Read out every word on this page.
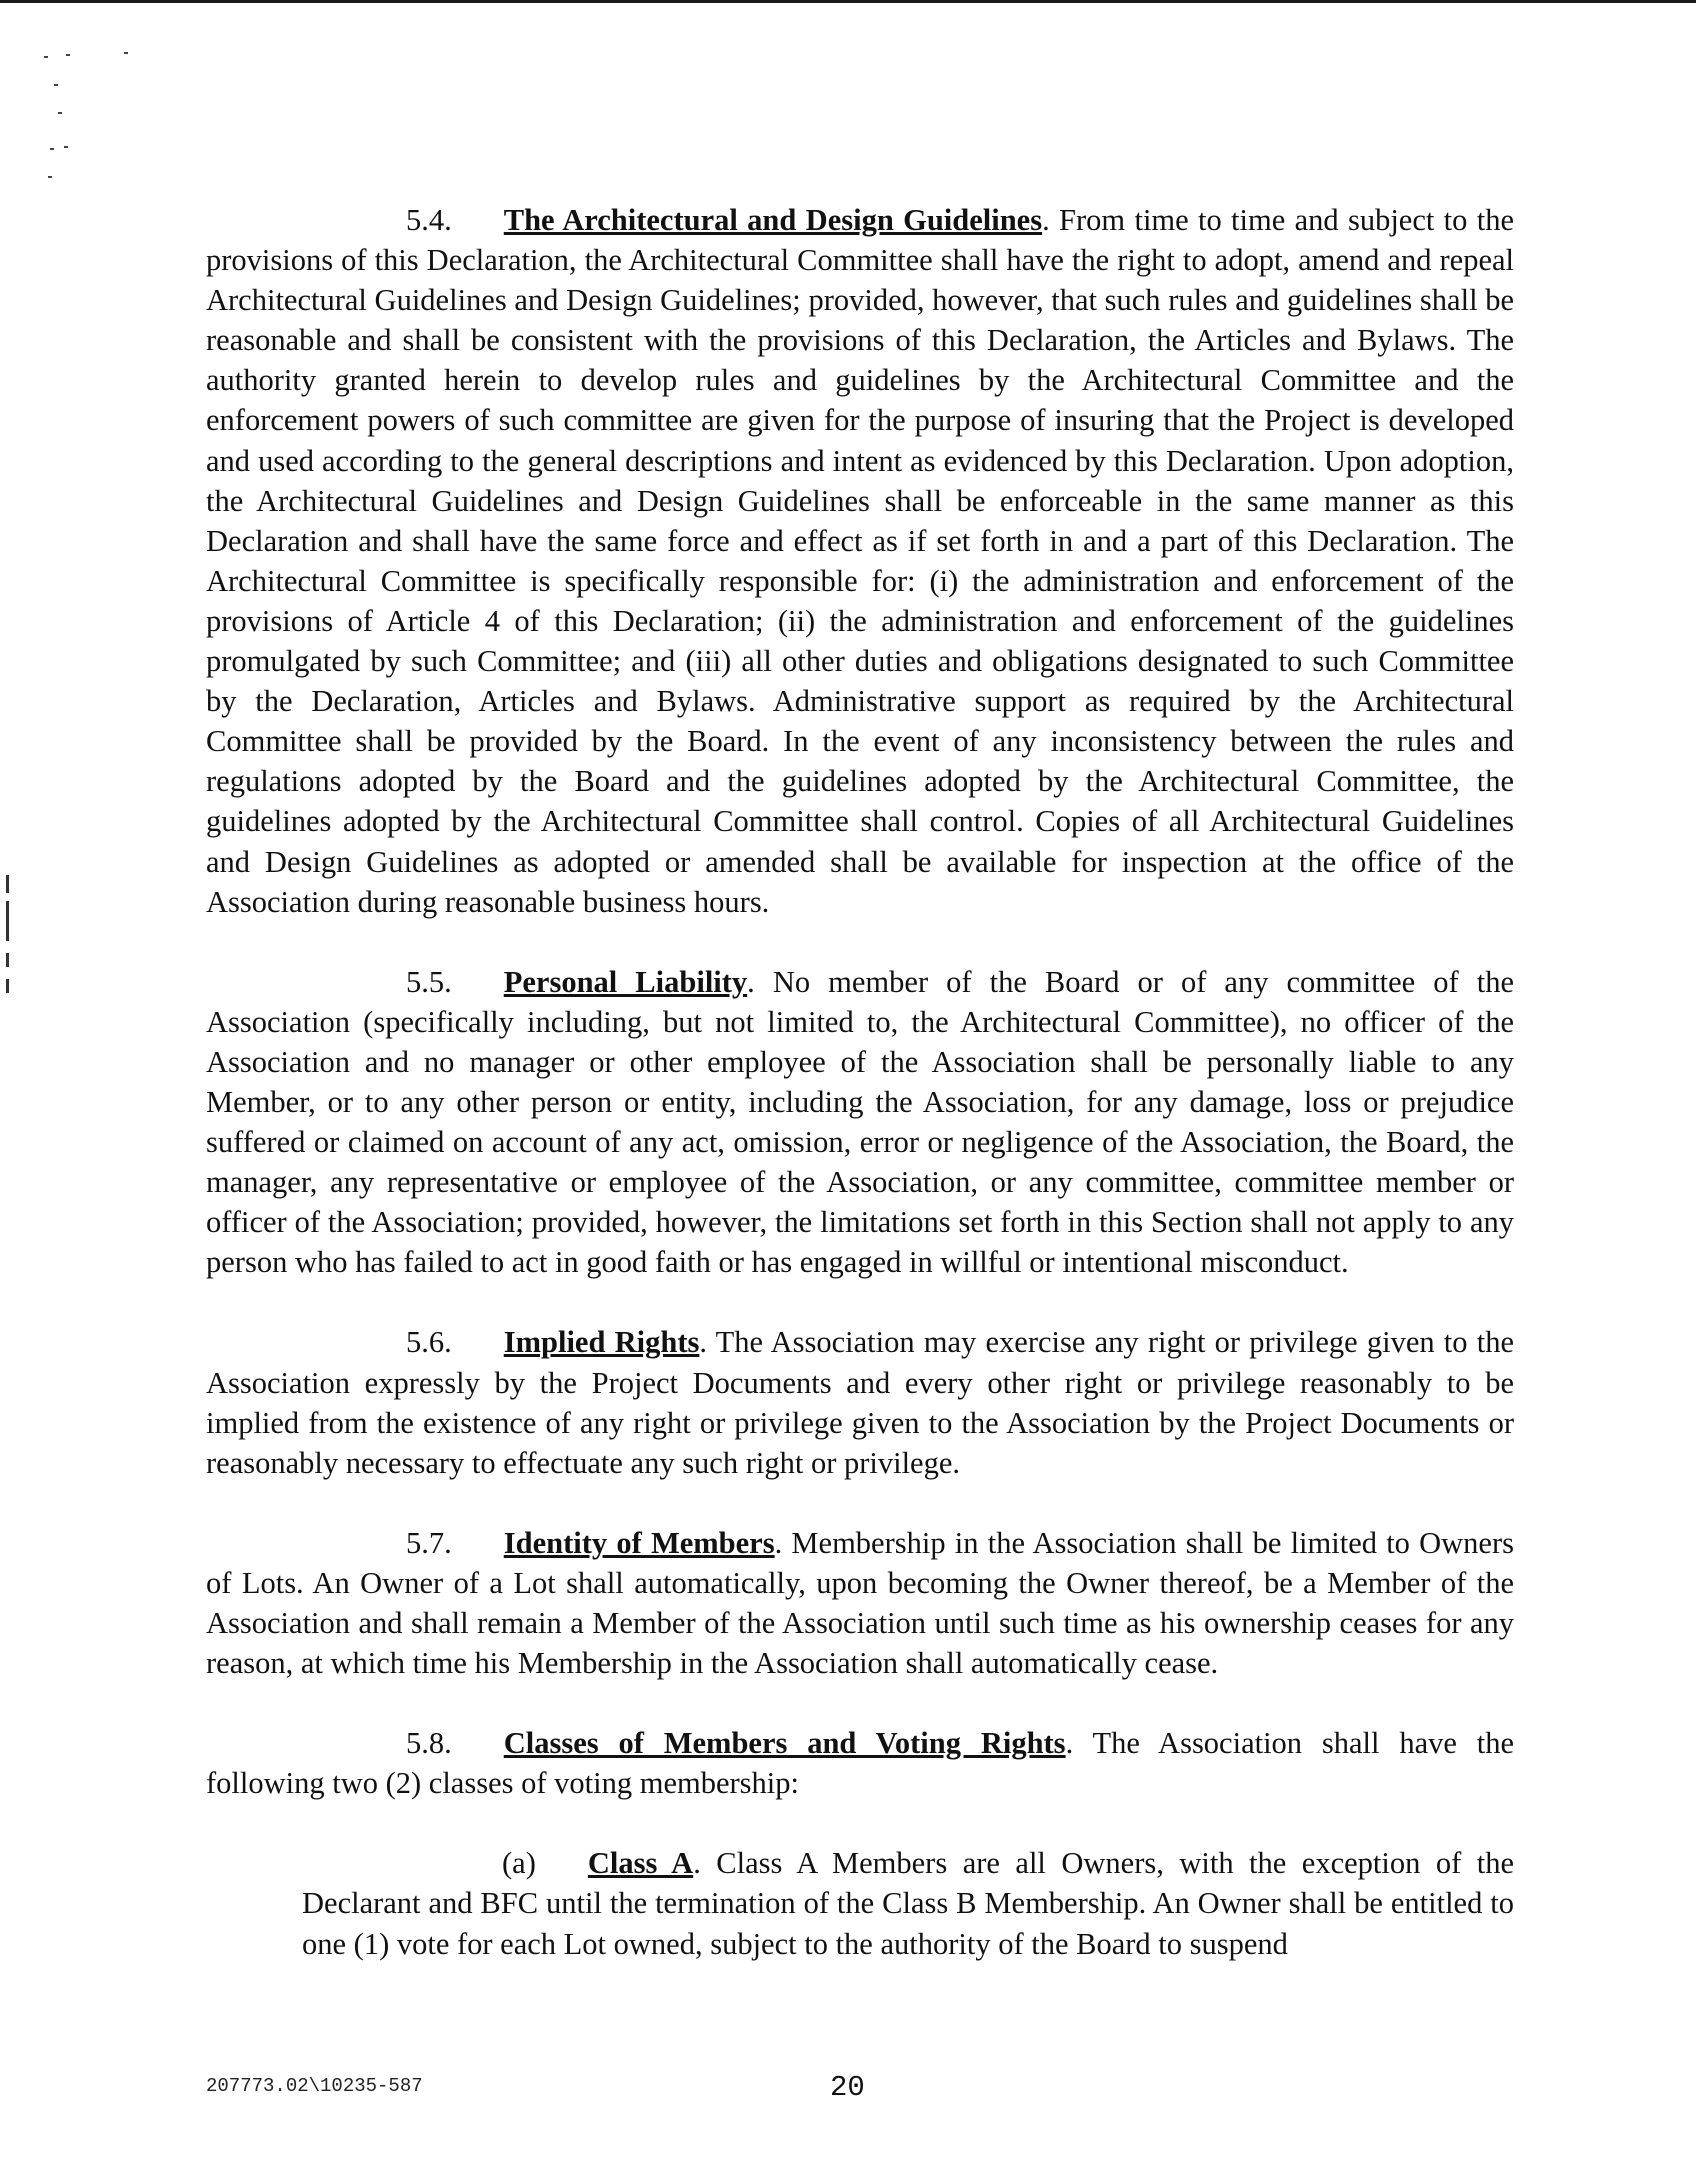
5.4. The Architectural and Design Guidelines. From time to time and subject to the provisions of this Declaration, the Architectural Committee shall have the right to adopt, amend and repeal Architectural Guidelines and Design Guidelines; provided, however, that such rules and guidelines shall be reasonable and shall be consistent with the provisions of this Declaration, the Articles and Bylaws. The authority granted herein to develop rules and guidelines by the Architectural Committee and the enforcement powers of such committee are given for the purpose of insuring that the Project is developed and used according to the general descriptions and intent as evidenced by this Declaration. Upon adoption, the Architectural Guidelines and Design Guidelines shall be enforceable in the same manner as this Declaration and shall have the same force and effect as if set forth in and a part of this Declaration. The Architectural Committee is specifically responsible for: (i) the administration and enforcement of the provisions of Article 4 of this Declaration; (ii) the administration and enforcement of the guidelines promulgated by such Committee; and (iii) all other duties and obligations designated to such Committee by the Declaration, Articles and Bylaws. Administrative support as required by the Architectural Committee shall be provided by the Board. In the event of any inconsistency between the rules and regulations adopted by the Board and the guidelines adopted by the Architectural Committee, the guidelines adopted by the Architectural Committee shall control. Copies of all Architectural Guidelines and Design Guidelines as adopted or amended shall be available for inspection at the office of the Association during reasonable business hours.

5.5. Personal Liability. No member of the Board or of any committee of the Association (specifically including, but not limited to, the Architectural Committee), no officer of the Association and no manager or other employee of the Association shall be personally liable to any Member, or to any other person or entity, including the Association, for any damage, loss or prejudice suffered or claimed on account of any act, omission, error or negligence of the Association, the Board, the manager, any representative or employee of the Association, or any committee, committee member or officer of the Association; provided, however, the limitations set forth in this Section shall not apply to any person who has failed to act in good faith or has engaged in willful or intentional misconduct.

5.6. Implied Rights. The Association may exercise any right or privilege given to the Association expressly by the Project Documents and every other right or privilege reasonably to be implied from the existence of any right or privilege given to the Association by the Project Documents or reasonably necessary to effectuate any such right or privilege.

5.7. Identity of Members. Membership in the Association shall be limited to Owners of Lots. An Owner of a Lot shall automatically, upon becoming the Owner thereof, be a Member of the Association and shall remain a Member of the Association until such time as his ownership ceases for any reason, at which time his Membership in the Association shall automatically cease.

5.8. Classes of Members and Voting Rights. The Association shall have the following two (2) classes of voting membership:

(a) Class A. Class A Members are all Owners, with the exception of the Declarant and BFC until the termination of the Class B Membership. An Owner shall be entitled to one (1) vote for each Lot owned, subject to the authority of the Board to suspend

207773.02\10235-587	20
